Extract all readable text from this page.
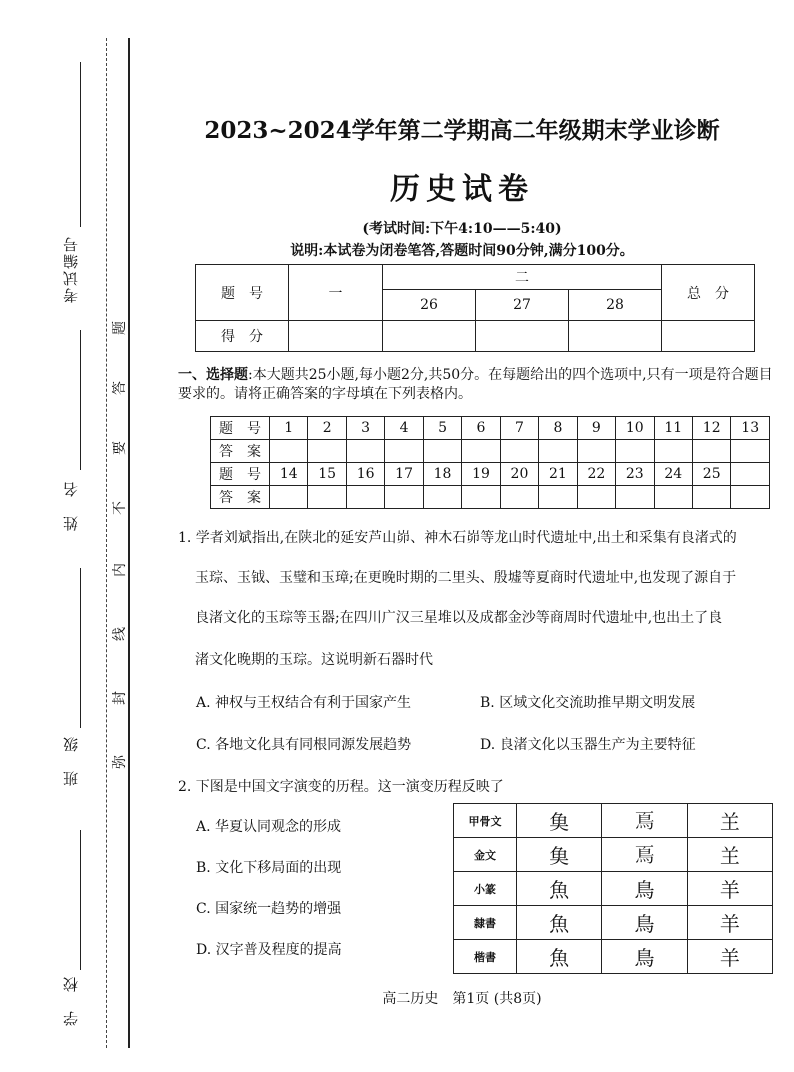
考试编号
姓　名
班　级
学　校
题
答
要
不
内
线
封
弥
2023~2024学年第二学期高二年级期末学业诊断
历史试卷
(考试时间:下午4:10——5:40)
说明:本试卷为闭卷笔答,答题时间90分钟,满分100分。
题　号	一	二			总　分
		26	27	28	
得　分					
一、选择题:本大题共25小题,每小题2分,共50分。在每题给出的四个选项中,只有一项是符合题目要求的。请将正确答案的字母填在下列表格内。
题　号	1	2	3	4	5	6	7	8	9	10	11	12	13
答　案													
题　号	14	15	16	17	18	19	20	21	22	23	24	25	
答　案													
1. 学者刘斌指出,在陕北的延安芦山峁、神木石峁等龙山时代遗址中,出土和采集有良渚式的
玉琮、玉钺、玉璧和玉璋;在更晚时期的二里头、殷墟等夏商时代遗址中,也发现了源自于
良渚文化的玉琮等玉器;在四川广汉三星堆以及成都金沙等商周时代遗址中,也出土了良
渚文化晚期的玉琮。这说明新石器时代
A. 神权与王权结合有利于国家产生	B. 区域文化交流助推早期文明发展
C. 各地文化具有同根同源发展趋势	D. 良渚文化以玉器生产为主要特征
2. 下图是中国文字演变的历程。这一演变历程反映了
A. 华夏认同观念的形成
B. 文化下移局面的出现
C. 国家统一趋势的增强
D. 汉字普及程度的提高
甲骨文	𩵋	𩾏	𦍌
金文	𩵋	𩾏	𦍌
小篆	魚	鳥	羊
隸書	魚	鳥	羊
楷書	魚	鳥	羊
高二历史　第1页 (共8页)
